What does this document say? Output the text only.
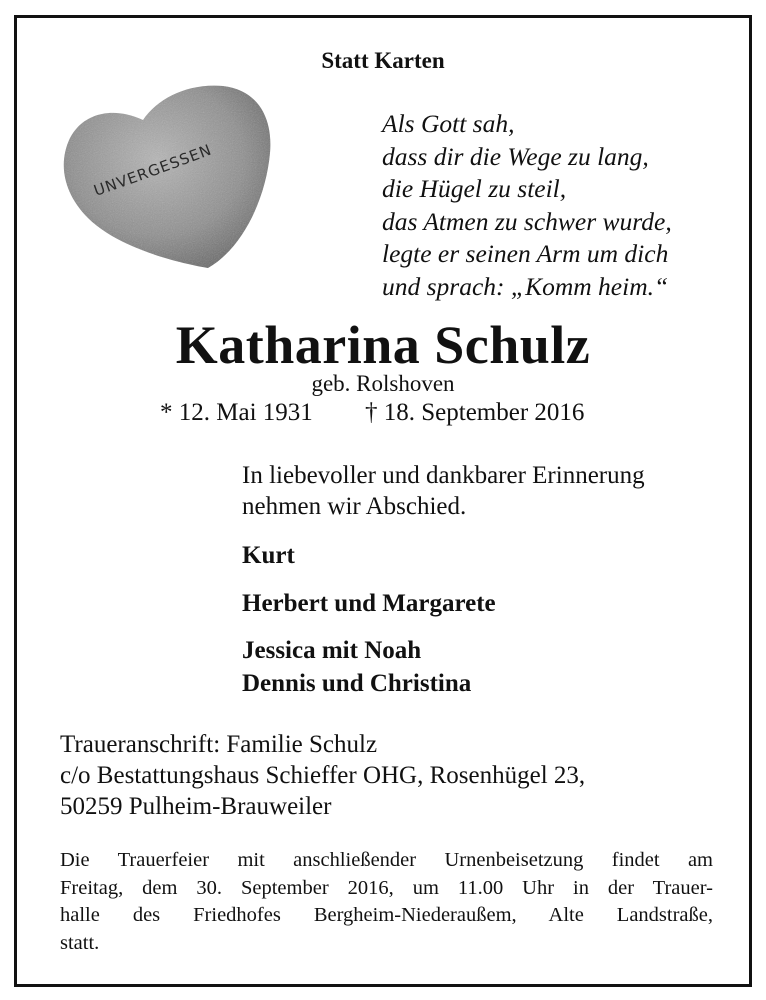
Statt Karten
UNVERGESSEN
Als Gott sah,
dass dir die Wege zu lang,
die Hügel zu steil,
das Atmen zu schwer wurde,
legte er seinen Arm um dich
und sprach: „Komm heim.“
Katharina Schulz
geb. Rolshoven
* 12. Mai 1931 † 18. September 2016
In liebevoller und dankbarer Erinnerung
nehmen wir Abschied.
Kurt
Herbert und Margarete
Jessica mit Noah
Dennis und Christina
Traueranschrift: Familie Schulz
c/o Bestattungshaus Schieffer OHG, Rosenhügel 23,
50259 Pulheim-Brauweiler
Die Trauerfeier mit anschließender Urnenbeisetzung findet am
Freitag, dem 30. September 2016, um 11.00 Uhr in der Trauer-
halle des Friedhofes Bergheim-Niederaußem, Alte Landstraße,
statt.
